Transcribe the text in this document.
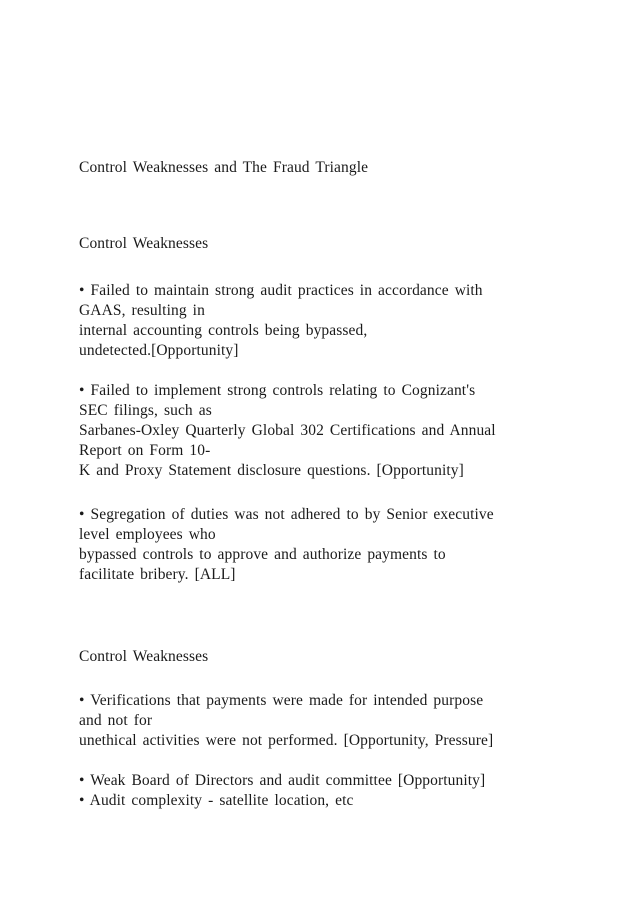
Control Weaknesses and The Fraud Triangle
Control Weaknesses
• Failed to maintain strong audit practices in accordance with
GAAS, resulting in
internal accounting controls being bypassed,
undetected.[Opportunity]
• Failed to implement strong controls relating to Cognizant's
SEC filings, such as
Sarbanes-Oxley Quarterly Global 302 Certifications and Annual
Report on Form 10-
K and Proxy Statement disclosure questions. [Opportunity]
• Segregation of duties was not adhered to by Senior executive
level employees who
bypassed controls to approve and authorize payments to
facilitate bribery. [ALL]
Control Weaknesses
• Verifications that payments were made for intended purpose
and not for
unethical activities were not performed. [Opportunity, Pressure]
• Weak Board of Directors and audit committee [Opportunity]
• Audit complexity - satellite location, etc
